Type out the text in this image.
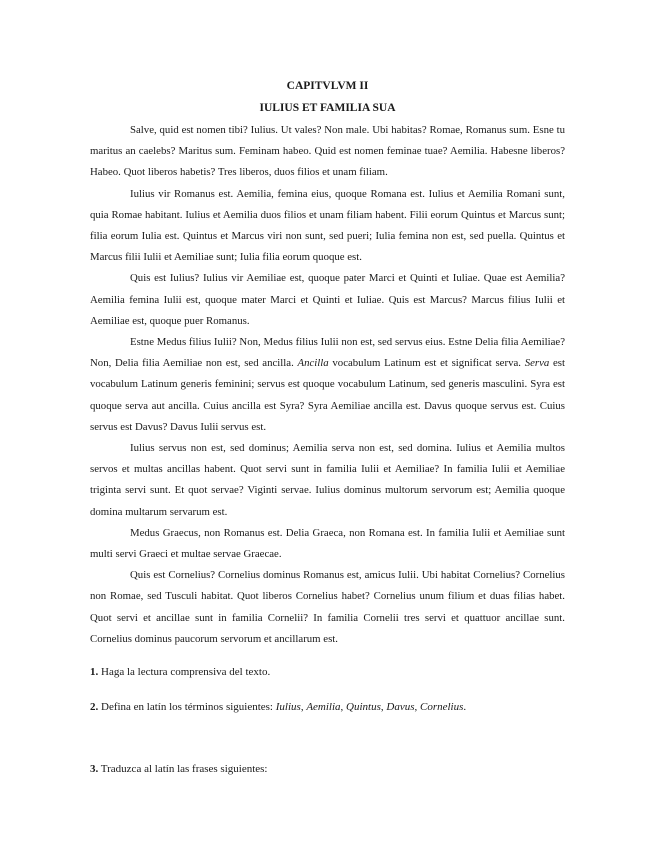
CAPITVLVM II
IULIUS ET FAMILIA SUA

Salve, quid est nomen tibi? Iulius. Ut vales? Non male. Ubi habitas? Romae, Romanus sum. Esne tu maritus an caelebs? Maritus sum. Feminam habeo. Quid est nomen feminae tuae? Aemilia. Habesne liberos? Habeo. Quot liberos habetis? Tres liberos, duos filios et unam filiam.

Iulius vir Romanus est. Aemilia, femina eius, quoque Romana est. Iulius et Aemilia Romani sunt, quia Romae habitant. Iulius et Aemilia duos filios et unam filiam habent. Filii eorum Quintus et Marcus sunt; filia eorum Iulia est. Quintus et Marcus viri non sunt, sed pueri; Iulia femina non est, sed puella. Quintus et Marcus filii Iulii et Aemiliae sunt; Iulia filia eorum quoque est.

Quis est Iulius? Iulius vir Aemiliae est, quoque pater Marci et Quinti et Iuliae. Quae est Aemilia? Aemilia femina Iulii est, quoque mater Marci et Quinti et Iuliae. Quis est Marcus? Marcus filius Iulii et Aemiliae est, quoque puer Romanus.

Estne Medus filius Iulii? Non, Medus filius Iulii non est, sed servus eius. Estne Delia filia Aemiliae? Non, Delia filia Aemiliae non est, sed ancilla. Ancilla vocabulum Latinum est et significat serva. Serva est vocabulum Latinum generis feminini; servus est quoque vocabulum Latinum, sed generis masculini. Syra est quoque serva aut ancilla. Cuius ancilla est Syra? Syra Aemiliae ancilla est. Davus quoque servus est. Cuius servus est Davus? Davus Iulii servus est.

Iulius servus non est, sed dominus; Aemilia serva non est, sed domina. Iulius et Aemilia multos servos et multas ancillas habent. Quot servi sunt in familia Iulii et Aemiliae? In familia Iulii et Aemiliae triginta servi sunt. Et quot servae? Viginti servae. Iulius dominus multorum servorum est; Aemilia quoque domina multarum servarum est.

Medus Graecus, non Romanus est. Delia Graeca, non Romana est. In familia Iulii et Aemiliae sunt multi servi Graeci et multae servae Graecae.

Quis est Cornelius? Cornelius dominus Romanus est, amicus Iulii. Ubi habitat Cornelius? Cornelius non Romae, sed Tusculi habitat. Quot liberos Cornelius habet? Cornelius unum filium et duas filias habet. Quot servi et ancillae sunt in familia Cornelii? In familia Cornelii tres servi et quattuor ancillae sunt. Cornelius dominus paucorum servorum et ancillarum est.

1. Haga la lectura comprensiva del texto.

2. Defina en latín los términos siguientes: Iulius, Aemilia, Quintus, Davus, Cornelius.

3. Traduzca al latín las frases siguientes:
